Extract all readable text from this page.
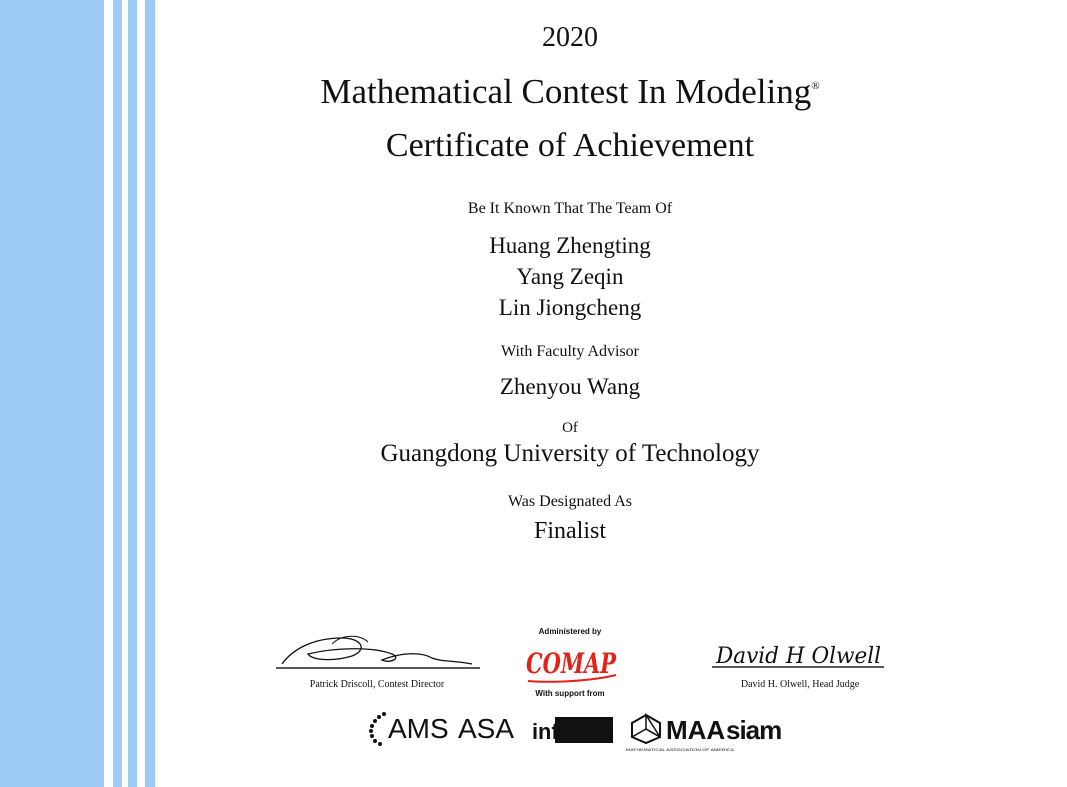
2020
Mathematical Contest In Modeling®
Certificate of Achievement
Be It Known That The Team Of
Huang Zhengting
Yang Zeqin
Lin Jiongcheng
With Faculty Advisor
Zhenyou Wang
Of
Guangdong University of Technology
Was Designated As
Finalist
Patrick Driscoll, Contest Director
David H Olwell
David H. Olwell, Head Judge
Administered by
COMAP
With support from
AMS ASA informs MAA
MATHEMATICAL ASSOCIATION OF AMERICA
siam
